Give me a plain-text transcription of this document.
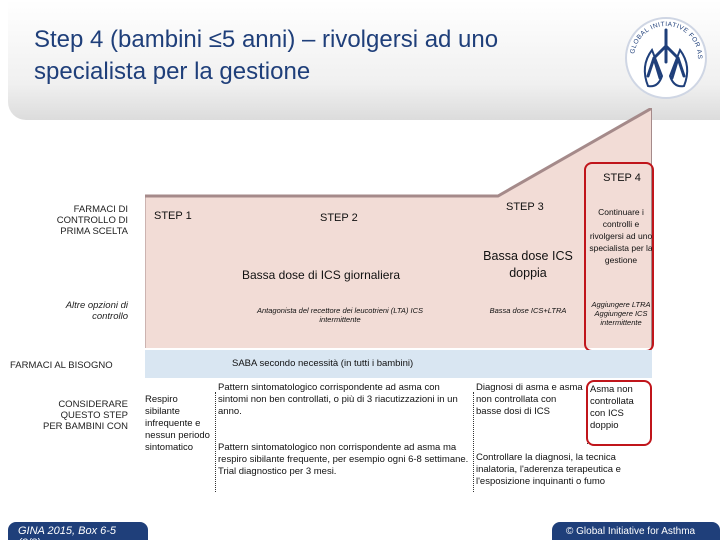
Step 4 (bambini ≤5 anni) – rivolgersi ad uno specialista per la gestione
GLOBAL INITIATIVE FOR AS
FARMACI DI CONTROLLO DI PRIMA SCELTA
Altre opzioni di controllo
FARMACI AL BISOGNO
CONSIDERARE QUESTO STEP PER BAMBINI CON
STEP 1	STEP 2
STEP 3
STEP 4
Bassa dose di ICS giornaliera
Bassa dose ICS doppia
Continuare i controlli e rivolgersi ad uno specialista per la gestione
Antagonista del recettore dei leucotrieni (LTA) ICS intermittente
Bassa dose ICS+LTRA
Aggiungere LTRA Aggiungere ICS intermittente
SABA secondo necessità (in tutti i bambini)
Respiro sibilante infrequente e nessun periodo sintomatico
Pattern sintomatologico corrispondente ad asma con sintomi non ben controllati, o più di 3 riacutizzazioni in un anno.
Pattern sintomatologico non corrispondente ad asma ma respiro sibilante frequente, per esempio ogni 6-8 settimane. Trial diagnostico per 3 mesi.
Diagnosi di asma e asma non controllata con basse dosi di ICS
Asma non controllata con ICS doppio
Controllare la diagnosi, la tecnica inalatoria, l'aderenza terapeutica e l'esposizione inquinanti o fumo
GINA 2015, Box 6-5 (3/8)
© Global Initiative for Asthma
